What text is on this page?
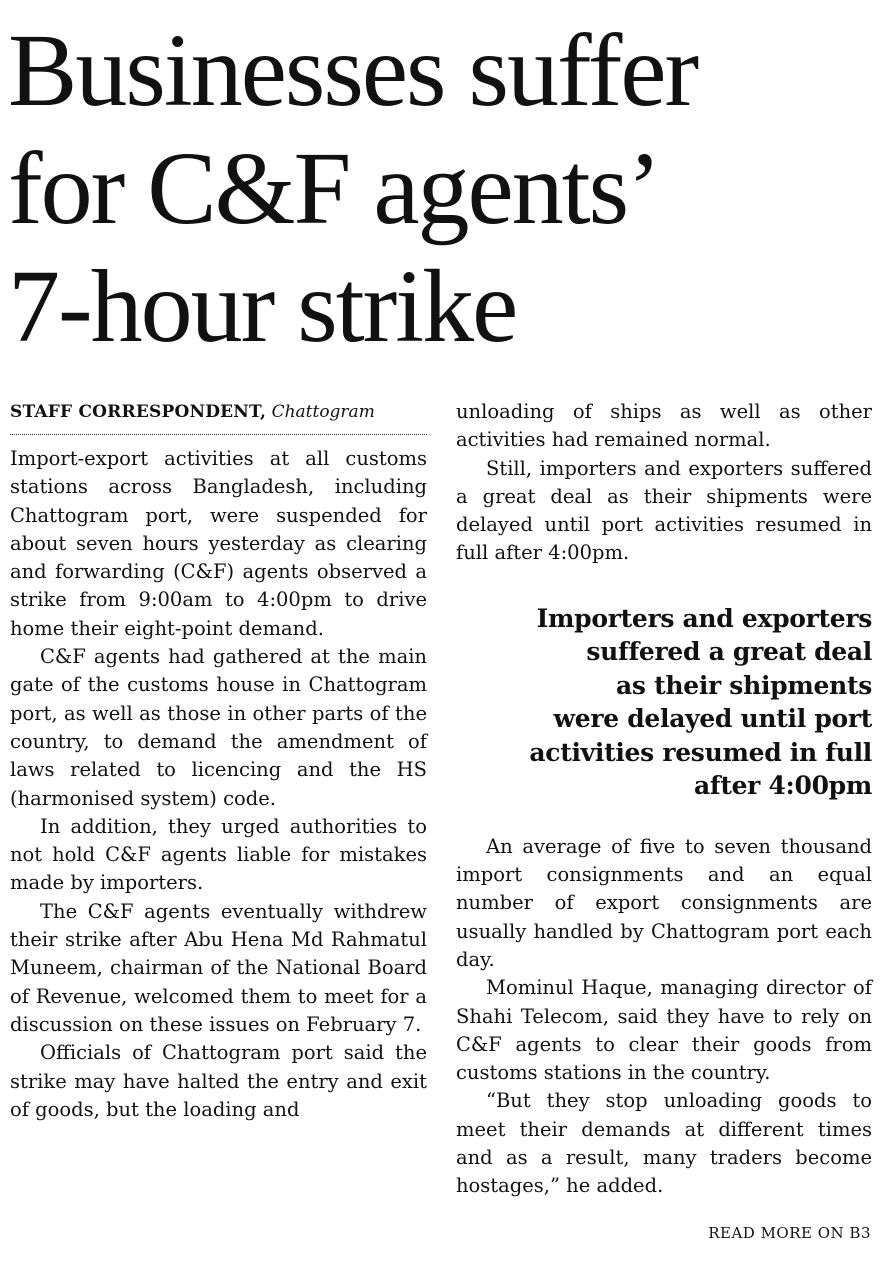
Businesses suffer
for C&F agents’
7-hour strike

STAFF CORRESPONDENT, Chattogram

Import-export activities at all customs stations across Bangladesh, including Chattogram port, were suspended for about seven hours yesterday as clearing and forwarding (C&F) agents observed a strike from 9:00am to 4:00pm to drive home their eight-point demand.

C&F agents had gathered at the main gate of the customs house in Chattogram port, as well as those in other parts of the country, to demand the amendment of laws related to licencing and the HS (harmonised system) code.

In addition, they urged authorities to not hold C&F agents liable for mistakes made by importers.

The C&F agents eventually withdrew their strike after Abu Hena Md Rahmatul Muneem, chairman of the National Board of Revenue, welcomed them to meet for a discussion on these issues on February 7.

Officials of Chattogram port said the strike may have halted the entry and exit of goods, but the loading and

unloading of ships as well as other activities had remained normal.

Still, importers and exporters suffered a great deal as their shipments were delayed until port activities resumed in full after 4:00pm.

Importers and exporters
suffered a great deal
as their shipments
were delayed until port
activities resumed in full
after 4:00pm

An average of five to seven thousand import consignments and an equal number of export consignments are usually handled by Chattogram port each day.

Mominul Haque, managing director of Shahi Telecom, said they have to rely on C&F agents to clear their goods from customs stations in the country.

“But they stop unloading goods to meet their demands at different times and as a result, many traders become hostages,” he added.

READ MORE ON B3
